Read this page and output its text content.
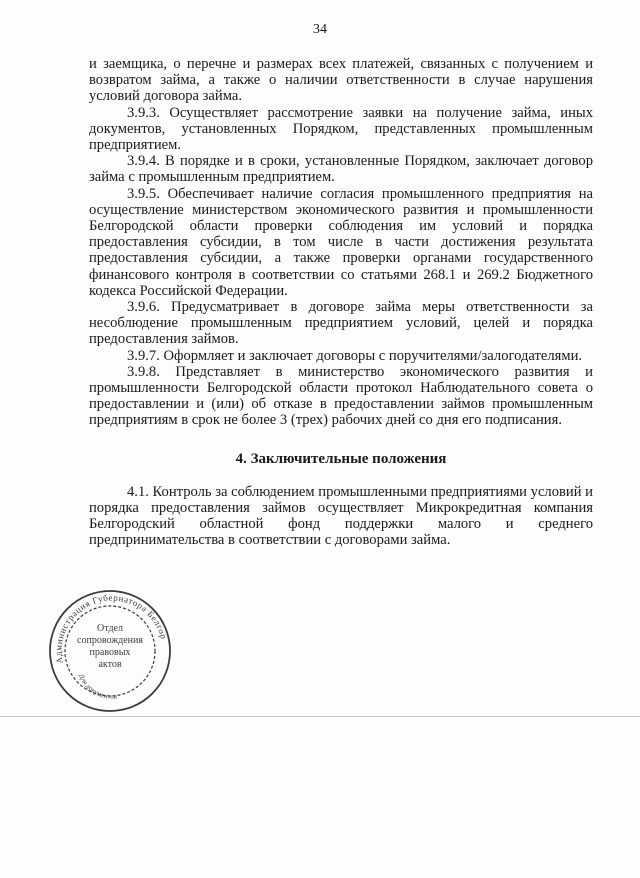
34

и заемщика, о перечне и размерах всех платежей, связанных с получением и возвратом займа, а также о наличии ответственности в случае нарушения условий договора займа.

3.9.3. Осуществляет рассмотрение заявки на получение займа, иных документов, установленных Порядком, представленных промышленным предприятием.

3.9.4. В порядке и в сроки, установленные Порядком, заключает договор займа с промышленным предприятием.

3.9.5. Обеспечивает наличие согласия промышленного предприятия на осуществление министерством экономического развития и промышленности Белгородской области проверки соблюдения им условий и порядка предоставления субсидии, в том числе в части достижения результата предоставления субсидии, а также проверки органами государственного финансового контроля в соответствии со статьями 268.1 и 269.2 Бюджетного кодекса Российской Федерации.

3.9.6. Предусматривает в договоре займа меры ответственности за несоблюдение промышленным предприятием условий, целей и порядка предоставления займов.

3.9.7. Оформляет и заключает договоры с поручителями/залогодателями.

3.9.8. Представляет в министерство экономического развития и промышленности Белгородской области протокол Наблюдательного совета о предоставлении и (или) об отказе в предоставлении займов промышленным предприятиям в срок не более 3 (трех) рабочих дней со дня его подписания.

4. Заключительные положения

4.1. Контроль за соблюдением промышленными предприятиями условий и порядка предоставления займов осуществляет Микрокредитная компания Белгородский областной фонд поддержки малого и среднего предпринимательства в соответствии с договорами займа.

Администрация Губернатора Белгородской области
Для документов
Отдел
сопровождения
правовых
актов
